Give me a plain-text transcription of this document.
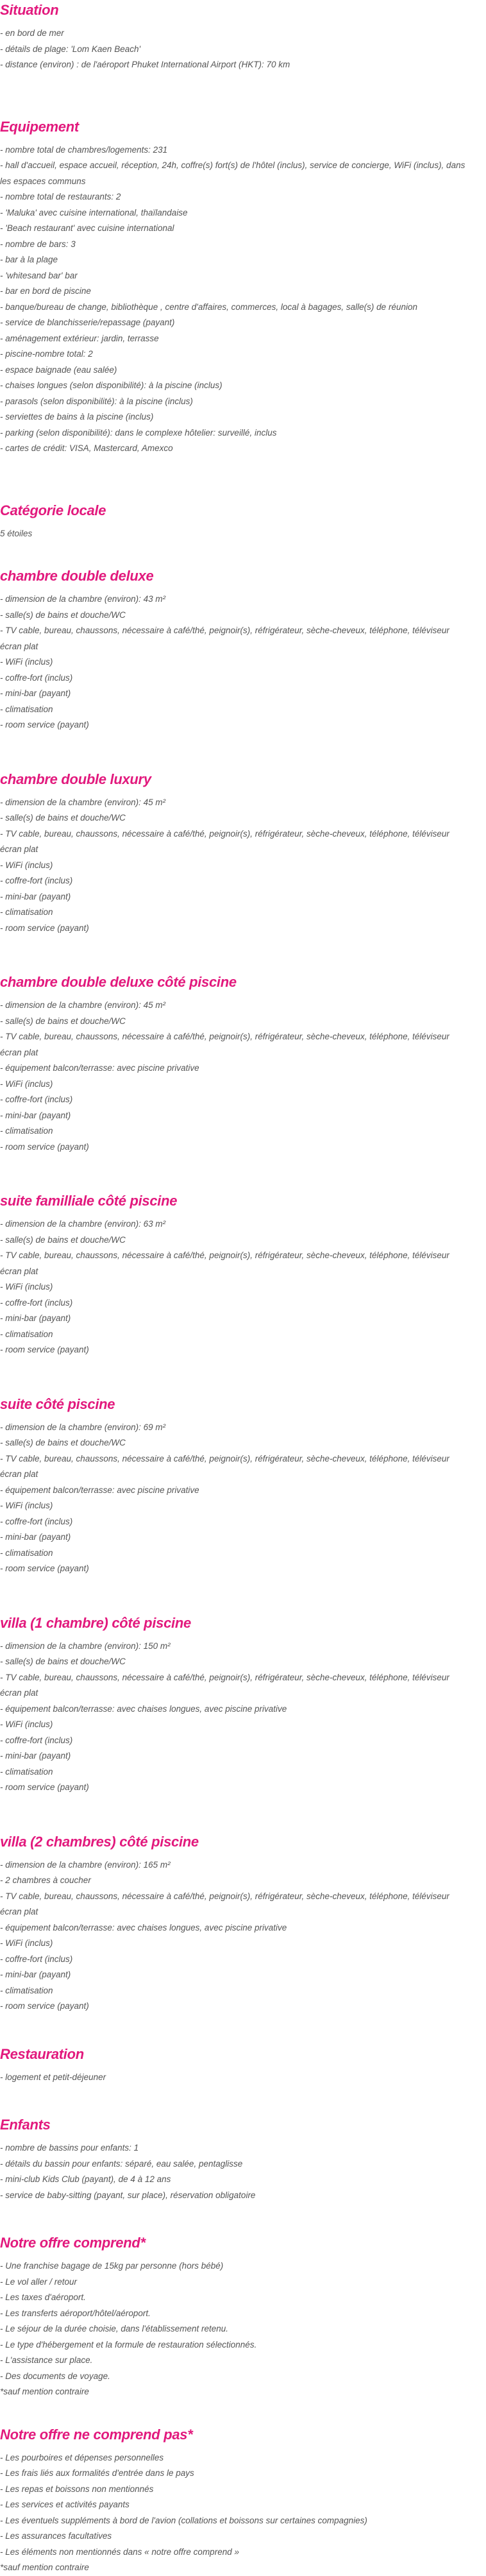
Situation
- en bord de mer
- détails de plage: 'Lom Kaen Beach'
- distance (environ) : de l'aéroport Phuket International Airport (HKT): 70 km
Equipement
- nombre total de chambres/logements: 231
- hall d'accueil, espace accueil, réception, 24h, coffre(s) fort(s) de l'hôtel (inclus), service de concierge, WiFi (inclus), dans
les espaces communs
- nombre total de restaurants: 2
- 'Maluka' avec cuisine international, thaïlandaise
- 'Beach restaurant' avec cuisine international
- nombre de bars: 3
- bar à la plage
- 'whitesand bar' bar
- bar en bord de piscine
- banque/bureau de change, bibliothèque , centre d'affaires, commerces, local à bagages, salle(s) de réunion
- service de blanchisserie/repassage (payant)
- aménagement extérieur: jardin, terrasse
- piscine-nombre total: 2
- espace baignade (eau salée)
- chaises longues (selon disponibilité): à la piscine (inclus)
- parasols (selon disponibilité): à la piscine (inclus)
- serviettes de bains à la piscine (inclus)
- parking (selon disponibilité): dans le complexe hôtelier: surveillé, inclus
- cartes de crédit: VISA, Mastercard, Amexco
Catégorie locale
5 étoiles
chambre double deluxe
- dimension de la chambre (environ): 43 m²
- salle(s) de bains et douche/WC
- TV cable, bureau, chaussons, nécessaire à café/thé, peignoir(s), réfrigérateur, sèche-cheveux, téléphone, téléviseur
écran plat
- WiFi (inclus)
- coffre-fort (inclus)
- mini-bar (payant)
- climatisation
- room service (payant)
chambre double luxury
- dimension de la chambre (environ): 45 m²
- salle(s) de bains et douche/WC
- TV cable, bureau, chaussons, nécessaire à café/thé, peignoir(s), réfrigérateur, sèche-cheveux, téléphone, téléviseur
écran plat
- WiFi (inclus)
- coffre-fort (inclus)
- mini-bar (payant)
- climatisation
- room service (payant)
chambre double deluxe côté piscine
- dimension de la chambre (environ): 45 m²
- salle(s) de bains et douche/WC
- TV cable, bureau, chaussons, nécessaire à café/thé, peignoir(s), réfrigérateur, sèche-cheveux, téléphone, téléviseur
écran plat
- équipement balcon/terrasse: avec piscine privative
- WiFi (inclus)
- coffre-fort (inclus)
- mini-bar (payant)
- climatisation
- room service (payant)
suite familliale côté piscine
- dimension de la chambre (environ): 63 m²
- salle(s) de bains et douche/WC
- TV cable, bureau, chaussons, nécessaire à café/thé, peignoir(s), réfrigérateur, sèche-cheveux, téléphone, téléviseur
écran plat
- WiFi (inclus)
- coffre-fort (inclus)
- mini-bar (payant)
- climatisation
- room service (payant)
suite côté piscine
- dimension de la chambre (environ): 69 m²
- salle(s) de bains et douche/WC
- TV cable, bureau, chaussons, nécessaire à café/thé, peignoir(s), réfrigérateur, sèche-cheveux, téléphone, téléviseur
écran plat
- équipement balcon/terrasse: avec piscine privative
- WiFi (inclus)
- coffre-fort (inclus)
- mini-bar (payant)
- climatisation
- room service (payant)
villa (1 chambre) côté piscine
- dimension de la chambre (environ): 150 m²
- salle(s) de bains et douche/WC
- TV cable, bureau, chaussons, nécessaire à café/thé, peignoir(s), réfrigérateur, sèche-cheveux, téléphone, téléviseur
écran plat
- équipement balcon/terrasse: avec chaises longues, avec piscine privative
- WiFi (inclus)
- coffre-fort (inclus)
- mini-bar (payant)
- climatisation
- room service (payant)
villa (2 chambres) côté piscine
- dimension de la chambre (environ): 165 m²
- 2 chambres à coucher
- TV cable, bureau, chaussons, nécessaire à café/thé, peignoir(s), réfrigérateur, sèche-cheveux, téléphone, téléviseur
écran plat
- équipement balcon/terrasse: avec chaises longues, avec piscine privative
- WiFi (inclus)
- coffre-fort (inclus)
- mini-bar (payant)
- climatisation
- room service (payant)
Restauration
- logement et petit-déjeuner
Enfants
- nombre de bassins pour enfants: 1
- détails du bassin pour enfants: séparé, eau salée, pentaglisse
- mini-club Kids Club (payant), de 4 à 12 ans
- service de baby-sitting (payant, sur place), réservation obligatoire
Notre offre comprend*
- Une franchise bagage de 15kg par personne (hors bébé)
- Le vol aller / retour
- Les taxes d'aéroport.
- Les transferts aéroport/hôtel/aéroport.
- Le séjour de la durée choisie, dans l'établissement retenu.
- Le type d'hébergement et la formule de restauration sélectionnés.
- L'assistance sur place.
- Des documents de voyage.
*sauf mention contraire
Notre offre ne comprend pas*
- Les pourboires et dépenses personnelles
- Les frais liés aux formalités d'entrée dans le pays
- Les repas et boissons non mentionnés
- Les services et activités payants
- Les éventuels suppléments à bord de l'avion (collations et boissons sur certaines compagnies)
- Les assurances facultatives
- Les éléments non mentionnés dans « notre offre comprend »
*sauf mention contraire
